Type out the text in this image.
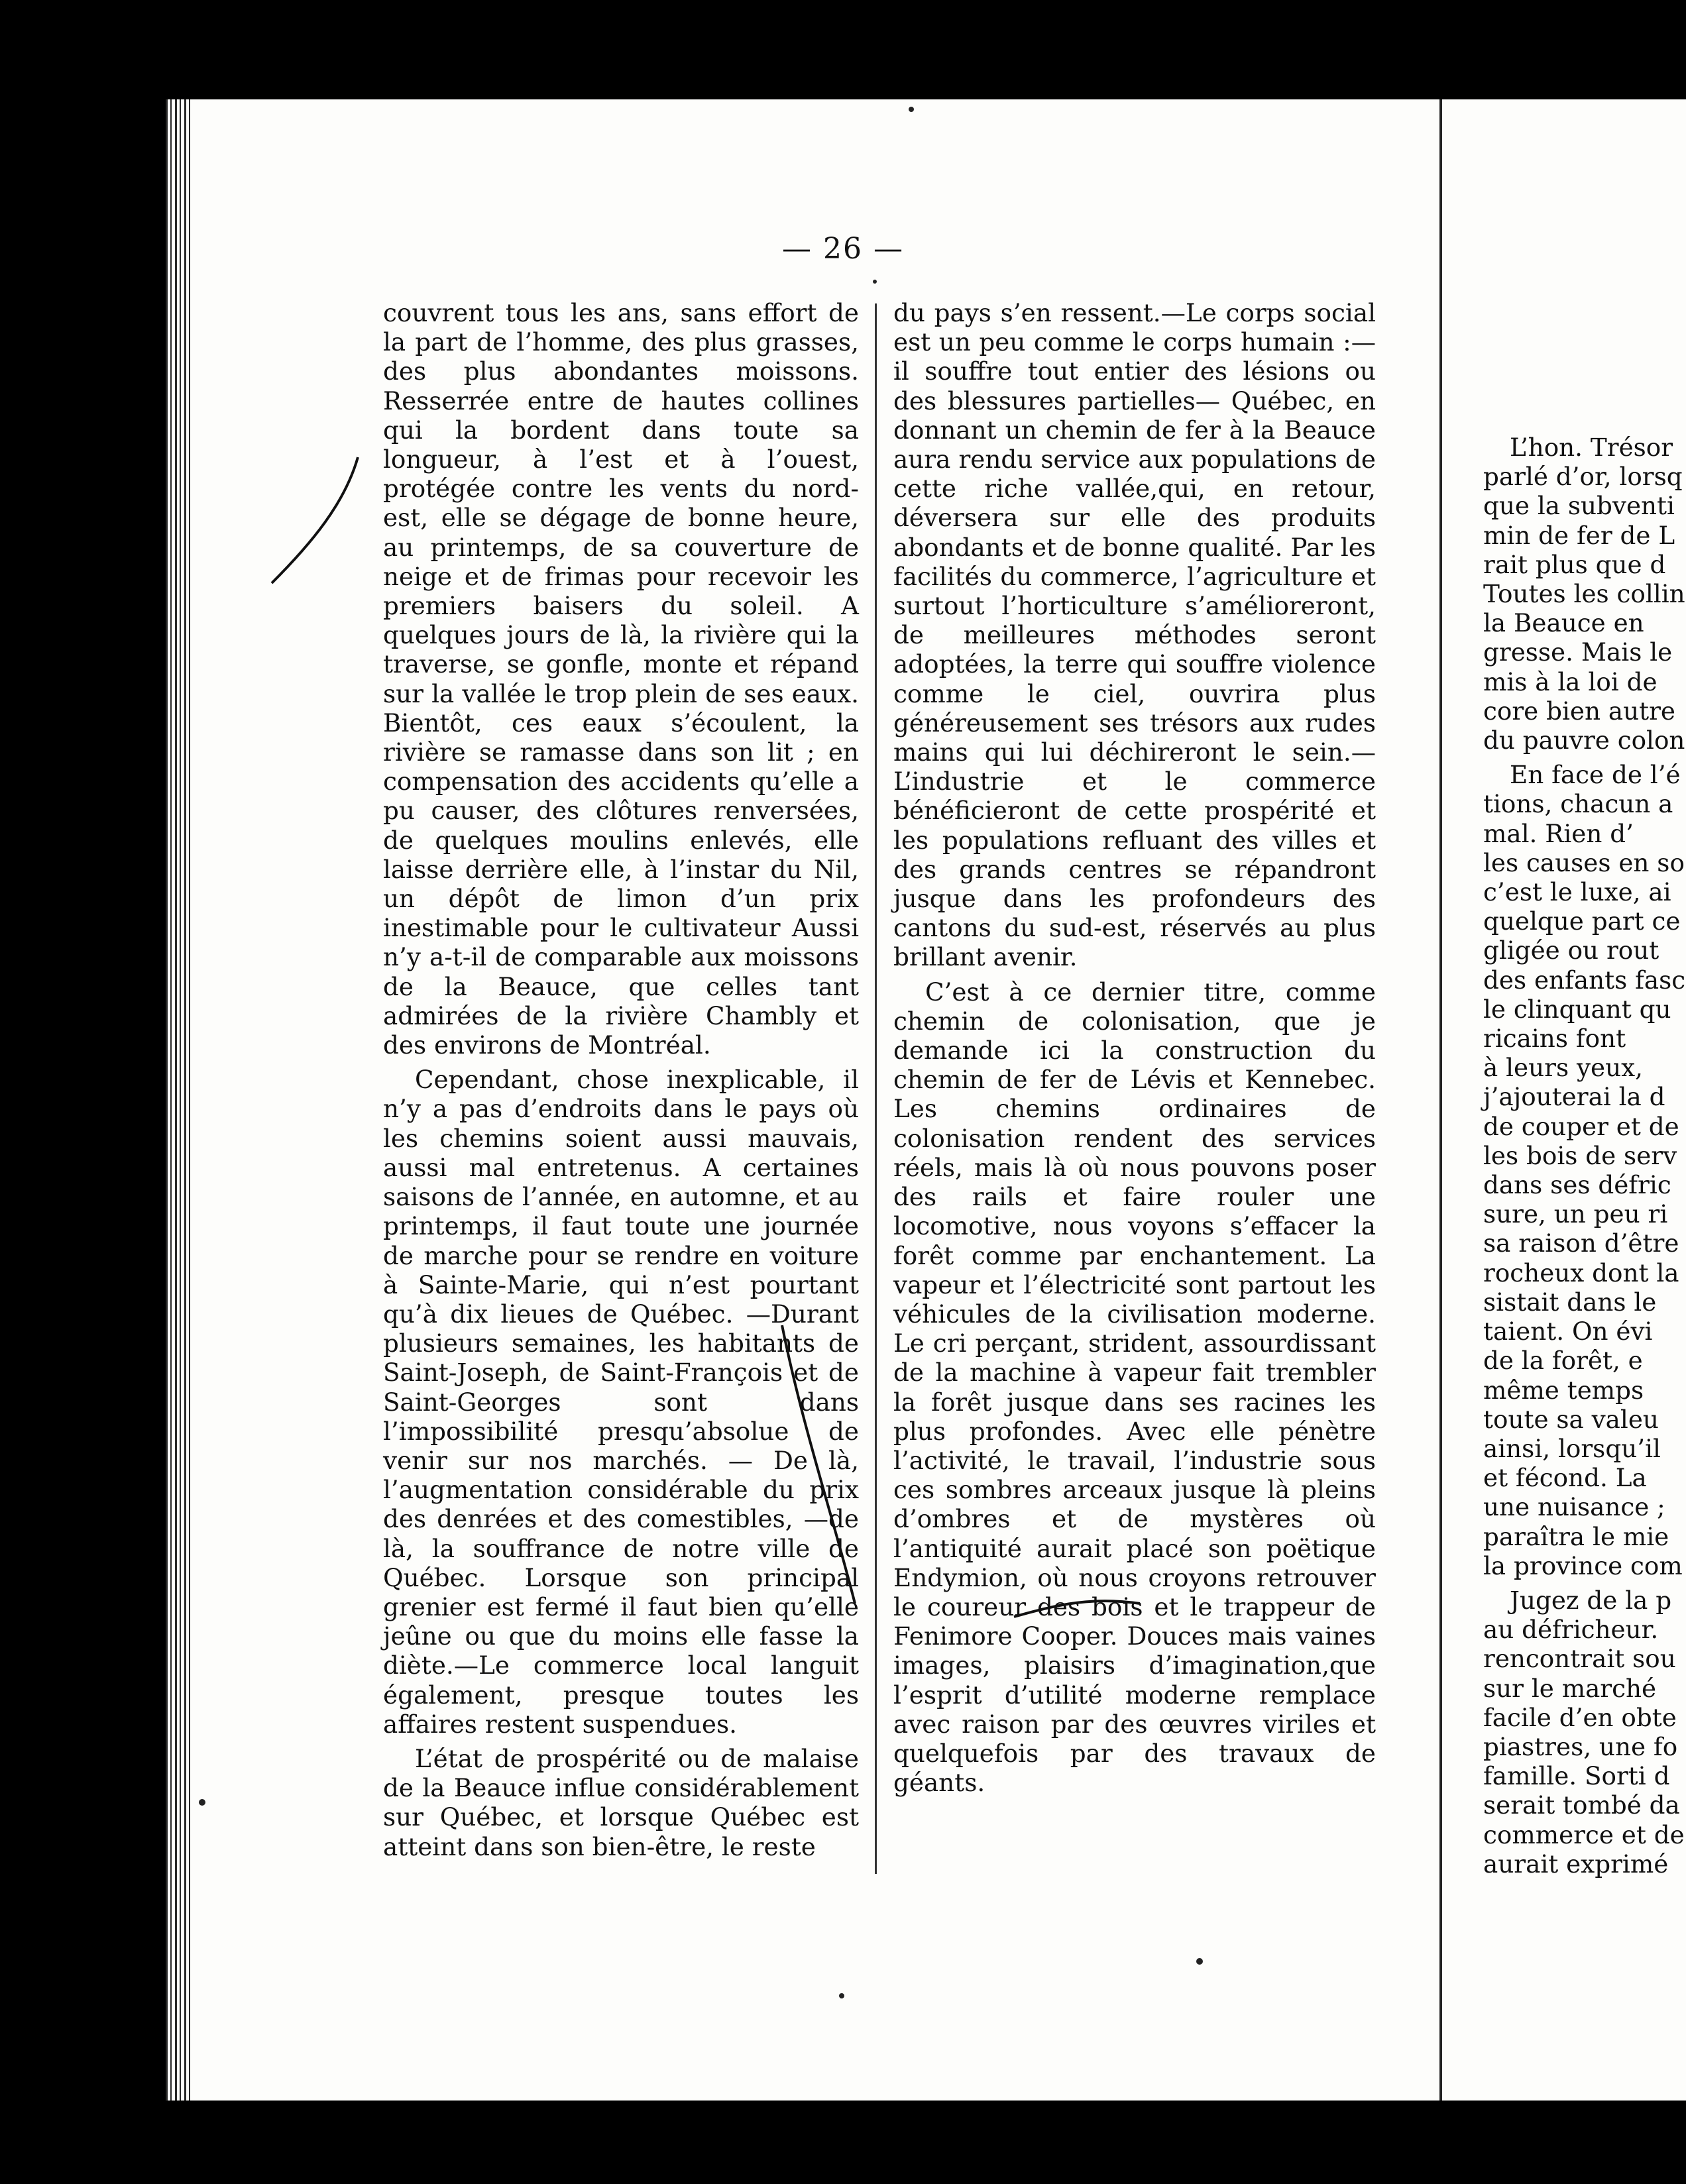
— 26 —

couvrent tous les ans, sans effort de la part de l’homme, des plus grasses, des plus abondantes moissons. Resserrée entre de hautes collines qui la bordent dans toute sa longueur, à l’est et à l’ouest, protégée contre les vents du nord-est, elle se dégage de bonne heure, au printemps, de sa couverture de neige et de frimas pour recevoir les premiers baisers du soleil. A quelques jours de là, la rivière qui la traverse, se gonfle, monte et répand sur la vallée le trop plein de ses eaux. Bientôt, ces eaux s’écoulent, la rivière se ramasse dans son lit ; en compensation des accidents qu’elle a pu causer, des clôtures renversées, de quelques moulins enlevés, elle laisse derrière elle, à l’instar du Nil, un dépôt de limon d’un prix inestimable pour le cultivateur Aussi n’y a-t-il de comparable aux moissons de la Beauce, que celles tant admirées de la rivière Chambly et des environs de Montréal.

Cependant, chose inexplicable, il n’y a pas d’endroits dans le pays où les chemins soient aussi mauvais, aussi mal entretenus. A certaines saisons de l’année, en automne, et au printemps, il faut toute une journée de marche pour se rendre en voiture à Sainte-Marie, qui n’est pourtant qu’à dix lieues de Québec. —Durant plusieurs semaines, les habitants de Saint-Joseph, de Saint-François et de Saint-Georges sont dans l’impossibilité presqu’absolue de venir sur nos marchés. — De là, l’augmentation considérable du prix des denrées et des comestibles, —de là, la souffrance de notre ville de Québec. Lorsque son principal grenier est fermé il faut bien qu’elle jeûne ou que du moins elle fasse la diète.—Le commerce local languit également, presque toutes les affaires restent suspendues.

L’état de prospérité ou de malaise de la Beauce influe considérablement sur Québec, et lorsque Québec est atteint dans son bien-être, le reste

du pays s’en ressent.—Le corps social est un peu comme le corps humain :—il souffre tout entier des lésions ou des blessures partielles— Québec, en donnant un chemin de fer à la Beauce aura rendu service aux populations de cette riche vallée,qui, en retour, déversera sur elle des produits abondants et de bonne qualité. Par les facilités du commerce, l’agriculture et surtout l’horticulture s’amélioreront, de meilleures méthodes seront adoptées, la terre qui souffre violence comme le ciel, ouvrira plus généreusement ses trésors aux rudes mains qui lui déchireront le sein.—L’industrie et le commerce bénéficieront de cette prospérité et les populations refluant des villes et des grands centres se répandront jusque dans les profondeurs des cantons du sud-est, réservés au plus brillant avenir.

C’est à ce dernier titre, comme chemin de colonisation, que je demande ici la construction du chemin de fer de Lévis et Kennebec. Les chemins ordinaires de colonisation rendent des services réels, mais là où nous pouvons poser des rails et faire rouler une locomotive, nous voyons s’effacer la forêt comme par enchantement. La vapeur et l’électricité sont partout les véhicules de la civilisation moderne. Le cri perçant, strident, assourdissant de la machine à vapeur fait trembler la forêt jusque dans ses racines les plus profondes. Avec elle pénètre l’activité, le travail, l’industrie sous ces sombres arceaux jusque là pleins d’ombres et de mystères où l’antiquité aurait placé son poëtique Endymion, où nous croyons retrouver le coureur des bois et le trappeur de Fenimore Cooper. Douces mais vaines images, plaisirs d’imagination,que l’esprit d’utilité moderne remplace avec raison par des œuvres viriles et quelquefois par des travaux de géants.

L’hon. Trésor

parlé d’or, lorsq

que la subventi

min de fer de L

rait plus que d

Toutes les collin

la Beauce en

gresse. Mais le

mis à la loi de

core bien autre

du pauvre colon

En face de l’é

tions, chacun a

mal. Rien d’

les causes en so

c’est le luxe, ai

quelque part ce

gligée ou rout

des enfants fasc

le clinquant qu

ricains font

à leurs yeux,

j’ajouterai la d

de couper et de

les bois de serv

dans ses défric

sure, un peu ri

sa raison d’être

rocheux dont la

sistait dans le

taient. On évi

de la forêt, e

même temps

toute sa valeu

ainsi, lorsqu’il

et fécond. La

une nuisance ;

paraîtra le mie

la province com

Jugez de la p

au défricheur.

rencontrait sou

sur le marché

facile d’en obte

piastres, une fo

famille. Sorti d

serait tombé da

commerce et de

aurait exprimé
